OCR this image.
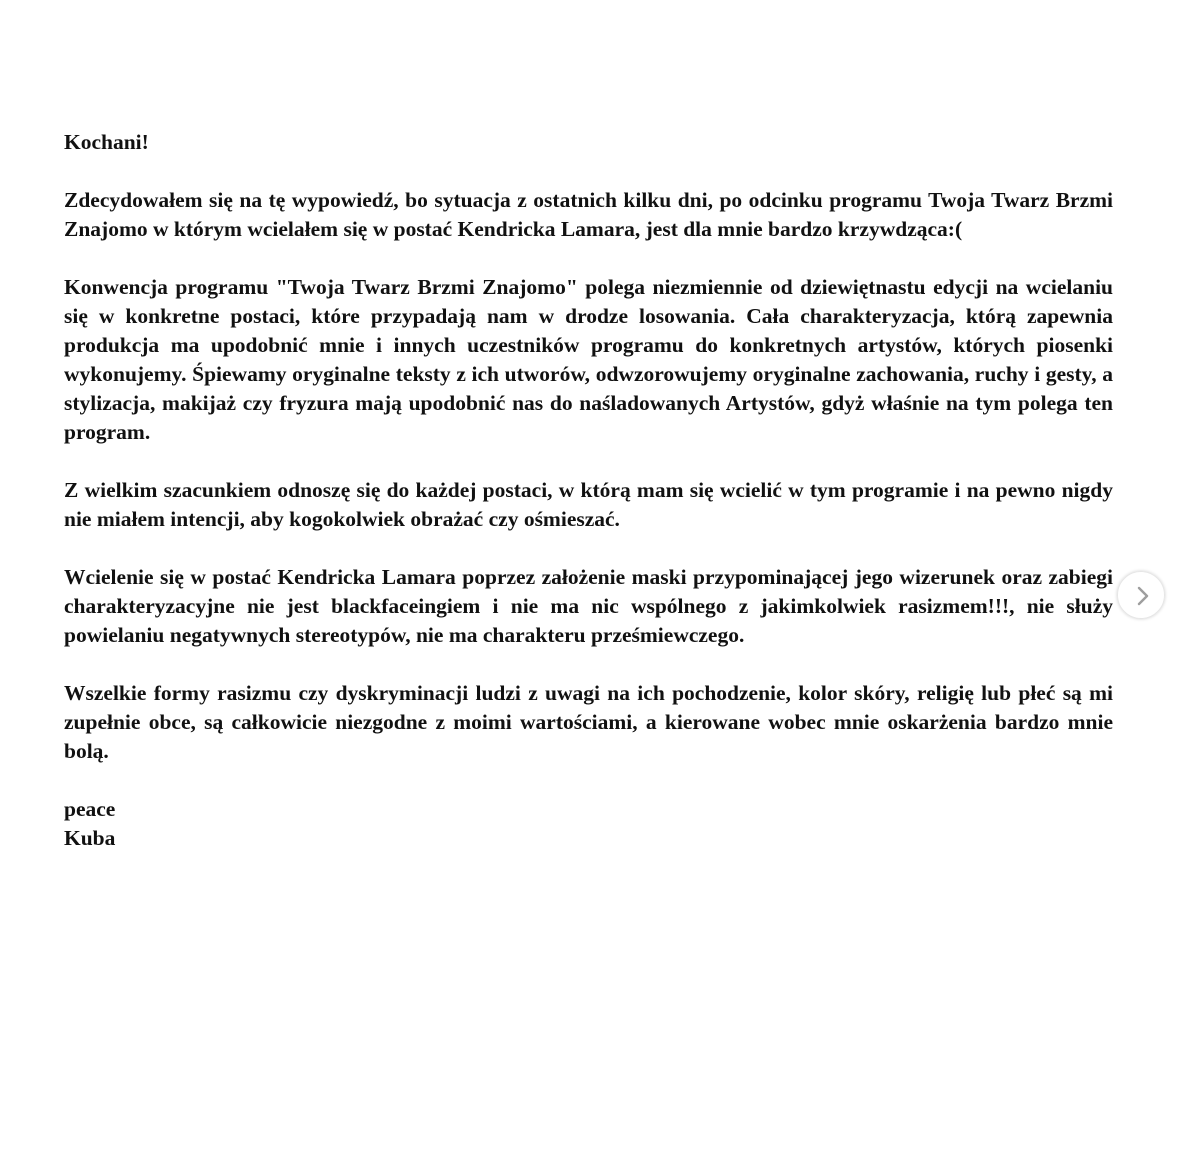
Kochani!

Zdecydowałem się na tę wypowiedź, bo sytuacja z ostatnich kilku dni, po odcinku programu Twoja Twarz Brzmi Znajomo w którym wcielałem się w postać Kendricka Lamara, jest dla mnie bardzo krzywdząca:(

Konwencja programu "Twoja Twarz Brzmi Znajomo" polega niezmiennie od dziewiętnastu edycji na wcielaniu się w konkretne postaci, które przypadają nam w drodze losowania. Cała charakteryzacja, którą zapewnia produkcja ma upodobnić mnie i innych uczestników programu do konkretnych artystów, których piosenki wykonujemy. Śpiewamy oryginalne teksty z ich utworów, odwzorowujemy oryginalne zachowania, ruchy i gesty, a stylizacja, makijaż czy fryzura mają upodobnić nas do naśladowanych Artystów, gdyż właśnie na tym polega ten program.

Z wielkim szacunkiem odnoszę się do każdej postaci, w którą mam się wcielić w tym programie i na pewno nigdy nie miałem intencji, aby kogokolwiek obrażać czy ośmieszać.

Wcielenie się w postać Kendricka Lamara poprzez założenie maski przypominającej jego wizerunek oraz zabiegi charakteryzacyjne nie jest blackfaceingiem i nie ma nic wspólnego z jakimkolwiek rasizmem!!!, nie służy powielaniu negatywnych stereotypów, nie ma charakteru prześmiewczego.

Wszelkie formy rasizmu czy dyskryminacji ludzi z uwagi na ich pochodzenie, kolor skóry, religię lub płeć są mi zupełnie obce, są całkowicie niezgodne z moimi wartościami, a kierowane wobec mnie oskarżenia bardzo mnie bolą.

peace
Kuba
